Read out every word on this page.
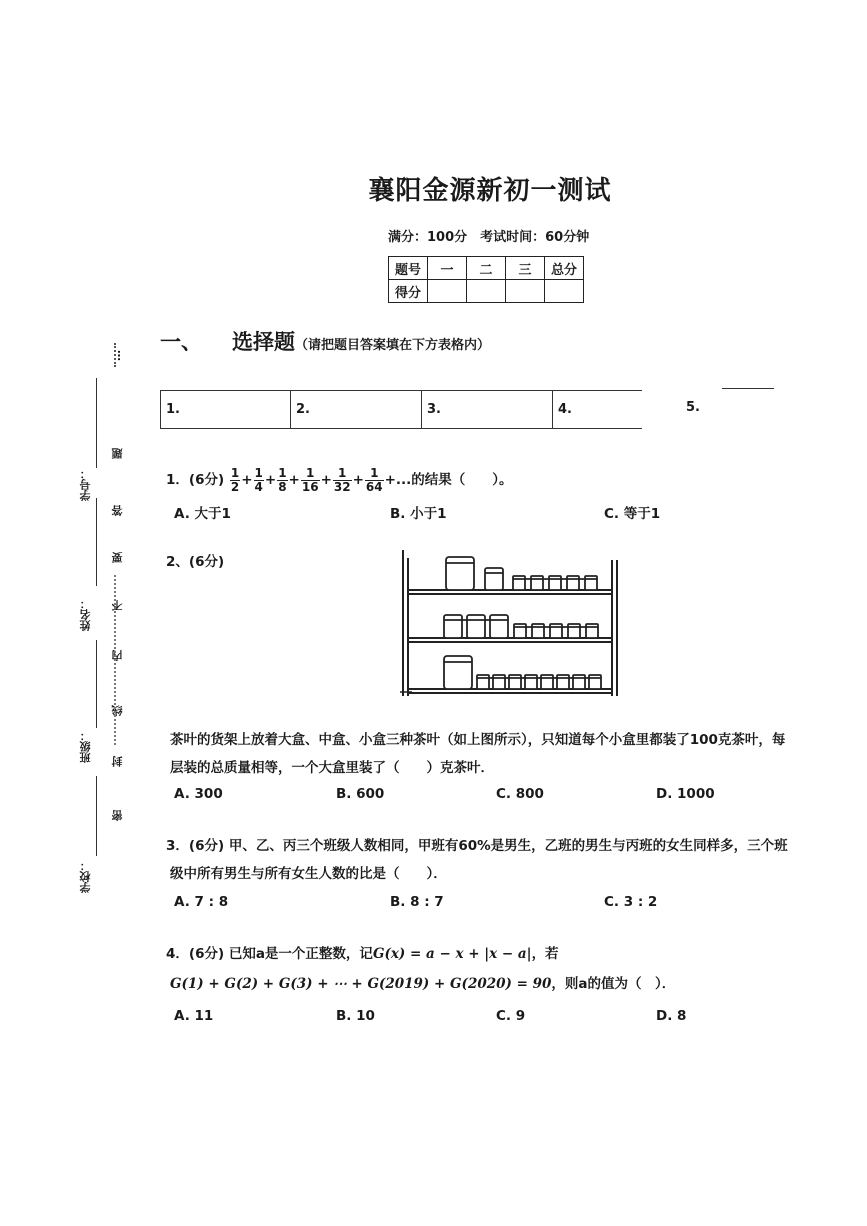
学号：
姓名：
班级：
学校：
…
题
答
要
不
内
线
封
密
襄阳金源新初一测试
满分：100分　考试时间：60分钟
题号	一	二	三	总分
得分				
一、 选择题（请把题目答案填在下方表格内）
1.	2.	3.	4.	5.
1．(6分) $\frac{1}{2} + \frac{1}{4} + \frac{1}{8} + \frac{1}{16} + \frac{1}{32} + \frac{1}{64}$ +...的结果（　　）。
A. 大于1	B. 小于1	C. 等于1
2、(6分)
茶叶的货架上放着大盒、中盒、小盒三种茶叶（如上图所示），只知道每个小盒里都装了100克茶叶，每
层装的总质量相等，一个大盒里装了（　　）克茶叶．
A. 300	B. 600	C. 800	D. 1000
3．(6分) 甲、乙、丙三个班级人数相同，甲班有60%是男生，乙班的男生与丙班的女生同样多，三个班
级中所有男生与所有女生人数的比是（　　）．
A. 7 : 8	B. 8 : 7	C. 3 : 2
4．(6分) 已知a是一个正整数，记G(x) = a − x + |x − a|，若
G(1) + G(2) + G(3) + ⋯ + G(2019) + G(2020) = 90，则a的值为（　）．
A. 11	B. 10	C. 9	D. 8
